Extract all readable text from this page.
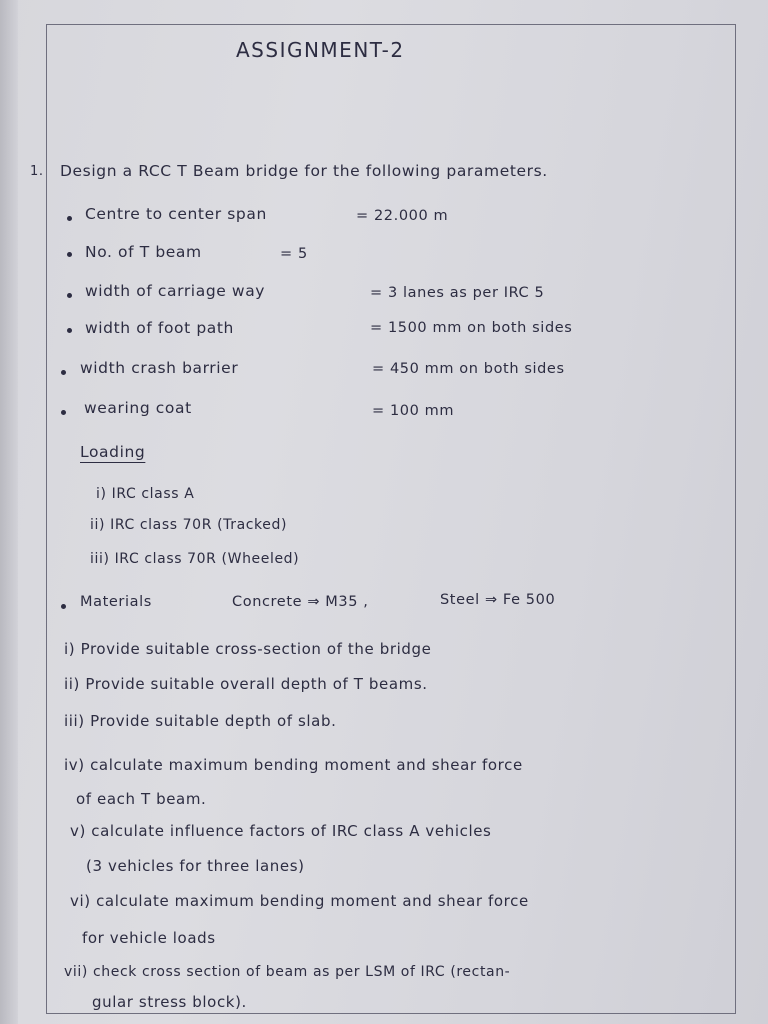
ASSIGNMENT-2
1. Design a RCC T Beam bridge for the following parameters.
Centre to center span	= 22.000 m
No. of T beam	= 5
width of carriage way	= 3 lanes as per IRC 5
width of foot path	= 1500 mm on both sides
width crash barrier	= 450 mm on both sides
wearing coat	= 100 mm
Loading
i) IRC class A
ii) IRC class 70R (Tracked)
iii) IRC class 70R (Wheeled)
Materials	Concrete ⇒ M35 ,	Steel ⇒ Fe 500
i) Provide suitable cross-section of the bridge
ii) Provide suitable overall depth of T beams.
iii) Provide suitable depth of slab.
iv) calculate maximum bending moment and shear force
of each T beam.
v) calculate influence factors of IRC class A vehicles
(3 vehicles for three lanes)
vi) calculate maximum bending moment and shear force
for vehicle loads
vii) check cross section of beam as per LSM of IRC (rectan-
gular stress block).
